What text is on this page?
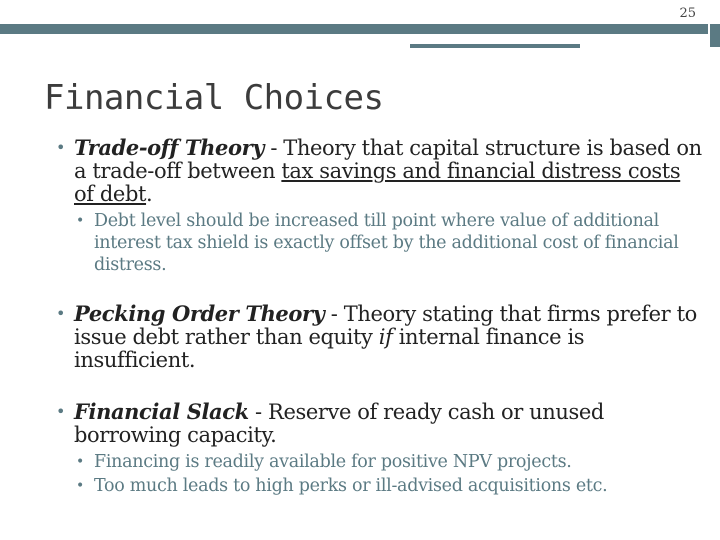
25
Financial Choices
• Trade-off Theory - Theory that capital structure is based on a trade-off between tax savings and financial distress costs of debt.
• Debt level should be increased till point where value of additional interest tax shield is exactly offset by the additional cost of financial distress.
• Pecking Order Theory - Theory stating that firms prefer to issue debt rather than equity if internal finance is insufficient.
• Financial Slack - Reserve of ready cash or unused borrowing capacity.
• Financing is readily available for positive NPV projects.
• Too much leads to high perks or ill-advised acquisitions etc.
